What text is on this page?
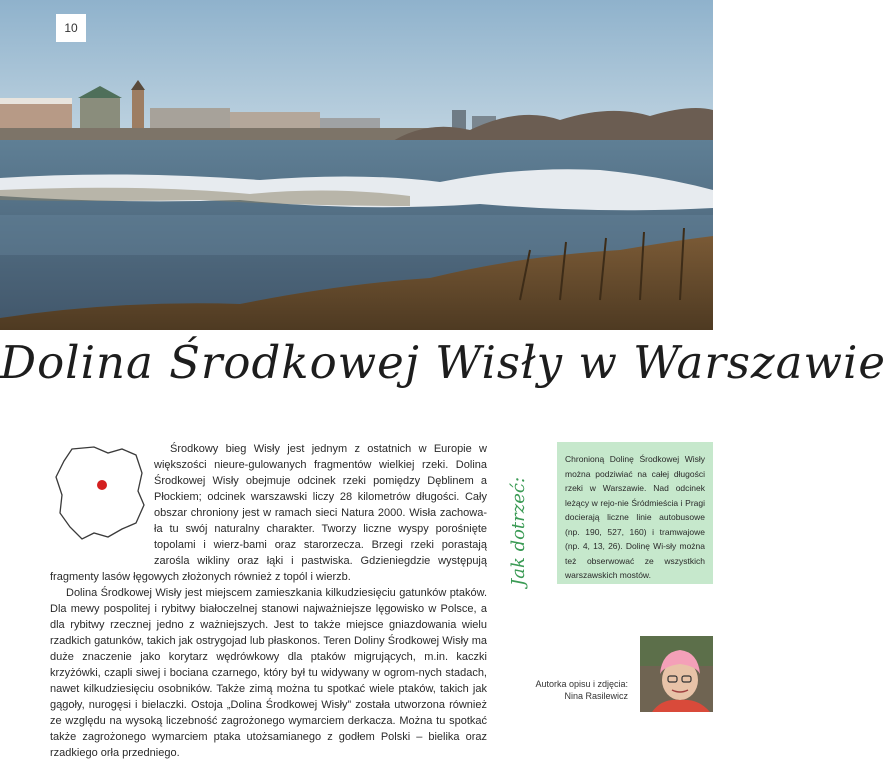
10
Dolina Środkowej Wisły w Warszawie

Środkowy bieg Wisły jest jednym z ostatnich w Europie w większości nieure-gulowanych fragmentów wielkiej rzeki. Dolina Środkowej Wisły obejmuje odcinek rzeki pomiędzy Dęblinem a Płockiem; odcinek warszawski liczy 28 kilometrów długości. Cały obszar chroniony jest w ramach sieci Natura 2000. Wisła zachowa-ła tu swój naturalny charakter. Tworzy liczne wyspy porośnięte topolami i wierz-bami oraz starorzecza. Brzegi rzeki porastają zarośla wikliny oraz łąki i pastwiska. Gdzieniegdzie występują fragmenty lasów łęgowych złożonych również z topól i wierzb.

Dolina Środkowej Wisły jest miejscem zamieszkania kilkudziesięciu gatunków ptaków. Dla mewy pospolitej i rybitwy białoczelnej stanowi najważniejsze lęgowisko w Polsce, a dla rybitwy rzecznej jedno z ważniejszych. Jest to także miejsce gniazdowania wielu rzadkich gatunków, takich jak ostrygojad lub płaskonos. Teren Doliny Środkowej Wisły ma duże znaczenie jako korytarz wędrówkowy dla ptaków migrujących, m.in. kaczki krzyżówki, czapli siwej i bociana czarnego, który był tu widywany w ogrom-nych stadach, nawet kilkudziesięciu osobników. Także zimą można tu spotkać wiele ptaków, takich jak gągoły, nurogęsi i bielaczki. Ostoja „Dolina Środkowej Wisły” została utworzona również ze względu na wysoką liczebność zagrożonego wymarciem derkacza. Można tu spotkać także zagrożonego wymarciem ptaka utożsamianego z godłem Polski – bielika oraz rzadkiego orła przedniego.

Jak dotrzeć:
Chronioną Dolinę Środkowej Wisły można podziwiać na całej długości rzeki w Warszawie. Nad odcinek leżący w rejo-nie Śródmieścia i Pragi docierają liczne linie autobusowe (np. 190, 527, 160) i tramwajowe (np. 4, 13, 26). Dolinę Wi-sły można też obserwować ze wszystkich warszawskich mostów.
Autorka opisu i zdjęcia:
Nina Rasilewicz
